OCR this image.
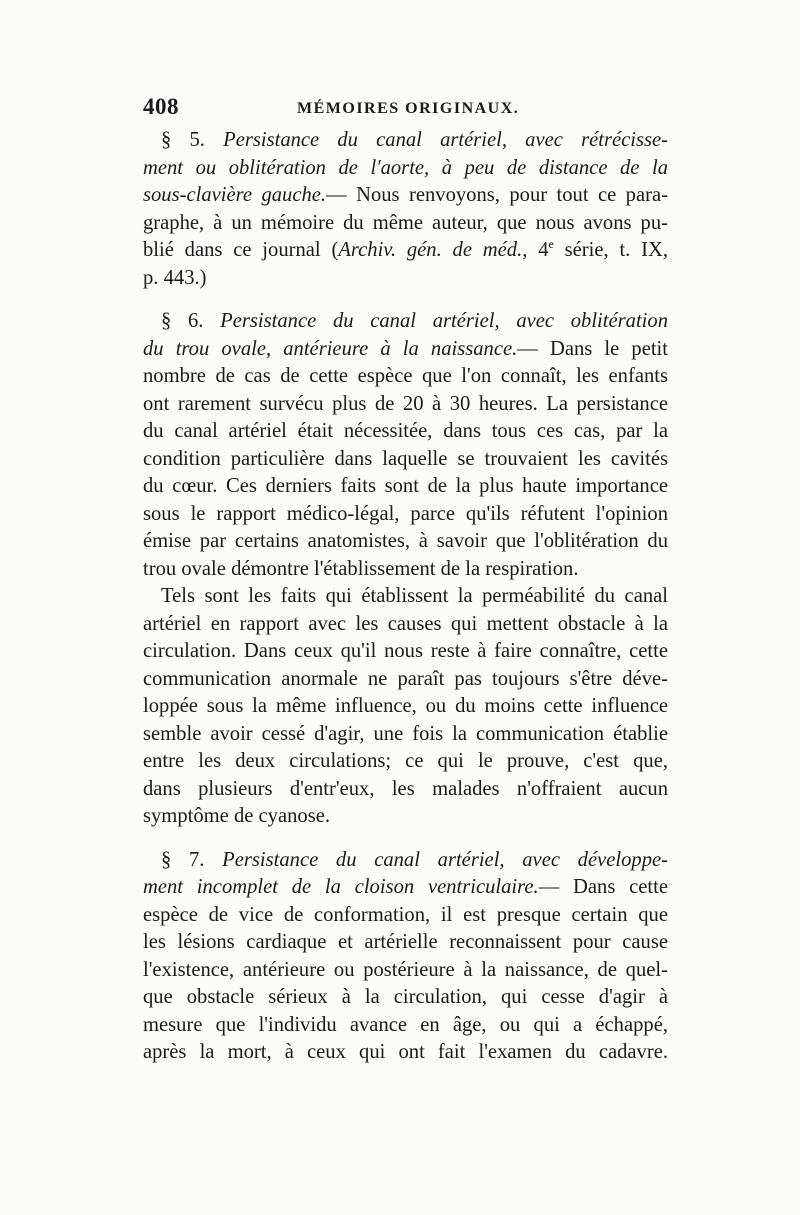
408	MÉMOIRES ORIGINAUX.
§ 5. Persistance du canal artériel, avec rétrécisse-
ment ou oblitération de l'aorte, à peu de distance de la
sous-clavière gauche.— Nous renvoyons, pour tout ce para-
graphe, à un mémoire du même auteur, que nous avons pu-
blié dans ce journal (Archiv. gén. de méd., 4e série, t. IX,
p. 443.)
§ 6. Persistance du canal artériel, avec oblitération
du trou ovale, antérieure à la naissance.— Dans le petit
nombre de cas de cette espèce que l'on connaît, les enfants
ont rarement survécu plus de 20 à 30 heures. La persistance
du canal artériel était nécessitée, dans tous ces cas, par la
condition particulière dans laquelle se trouvaient les cavités
du cœur. Ces derniers faits sont de la plus haute importance
sous le rapport médico-légal, parce qu'ils réfutent l'opinion
émise par certains anatomistes, à savoir que l'oblitération du
trou ovale démontre l'établissement de la respiration.
Tels sont les faits qui établissent la perméabilité du canal
artériel en rapport avec les causes qui mettent obstacle à la
circulation. Dans ceux qu'il nous reste à faire connaître, cette
communication anormale ne paraît pas toujours s'être déve-
loppée sous la même influence, ou du moins cette influence
semble avoir cessé d'agir, une fois la communication établie
entre les deux circulations; ce qui le prouve, c'est que,
dans plusieurs d'entr'eux, les malades n'offraient aucun
symptôme de cyanose.
§ 7. Persistance du canal artériel, avec développe-
ment incomplet de la cloison ventriculaire.— Dans cette
espèce de vice de conformation, il est presque certain que
les lésions cardiaque et artérielle reconnaissent pour cause
l'existence, antérieure ou postérieure à la naissance, de quel-
que obstacle sérieux à la circulation, qui cesse d'agir à
mesure que l'individu avance en âge, ou qui a échappé,
après la mort, à ceux qui ont fait l'examen du cadavre.
